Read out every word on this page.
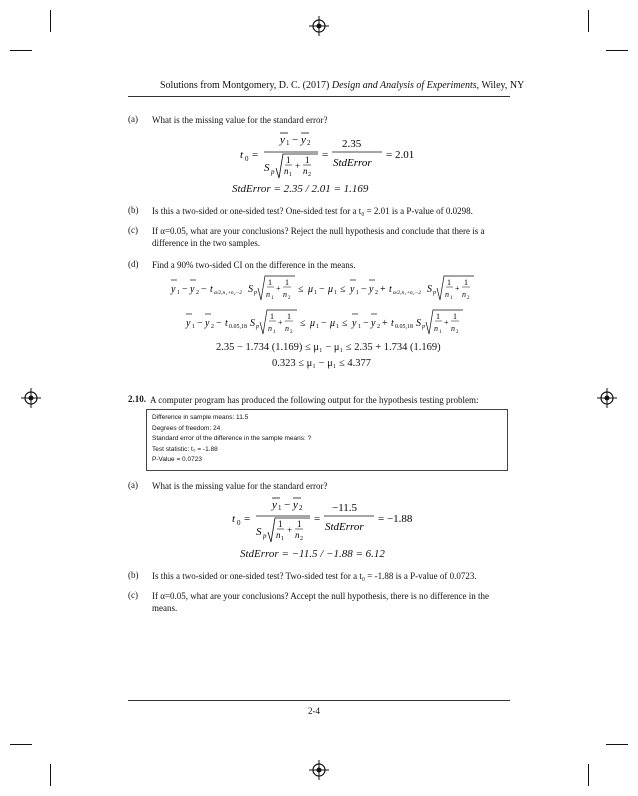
Solutions from Montgomery, D. C. (2017) Design and Analysis of Experiments, Wiley, NY
(a) What is the missing value for the standard error?
t 0 =
y 1 − y 2
S p
1
n 1
+
1
n 2
=
2.35
StdError
= 2.01
StdError = 2.35 / 2.01 = 1.169
(b) Is this a two-sided or one-sided test? One-sided test for a t₀ = 2.01 is a P-value of 0.0298.
(c) If α=0.05, what are your conclusions? Reject the null hypothesis and conclude that there is a
difference in the two samples.
(d) Find a 90% two-sided CI on the difference in the means.
y 1 − y 2 − t α/2,n₁+n₂−2 S p
1
n 1
+
1
n 2
≤ μ 1 − μ 1 ≤ y 1 − y 2 + t α/2,n₁+n₂−2 S p
1
n 1
+
1
n 2
y 1 − y 2 − t 0.05,18 S p
1
n 1
+
1
n 2
≤ μ 1 − μ 1 ≤ y 1 − y 2 + t 0.05,18 S p
1
n 1
+
1
n 2
2.35 − 1.734 (1.169) ≤ μ₁ − μ₁ ≤ 2.35 + 1.734 (1.169)
0.323 ≤ μ₁ − μ₁ ≤ 4.377
2.10. A computer program has produced the following output for the hypothesis testing problem:
Difference in sample means: 11.5
Degrees of freedom: 24
Standard error of the difference in the sample means: ?
Test statistic: t₀ = -1.88
P-Value = 0.0723
(a) What is the missing value for the standard error?
t 0 =
y 1 − y 2
S p
1
n 1
+
1
n 2
=
−11.5
StdError
= −1.88
StdError = −11.5 / −1.88 = 6.12
(b) Is this a two-sided or one-sided test? Two-sided test for a t₀ = -1.88 is a P-value of 0.0723.
(c) If α=0.05, what are your conclusions? Accept the null hypothesis, there is no difference in the
means.
2-4
